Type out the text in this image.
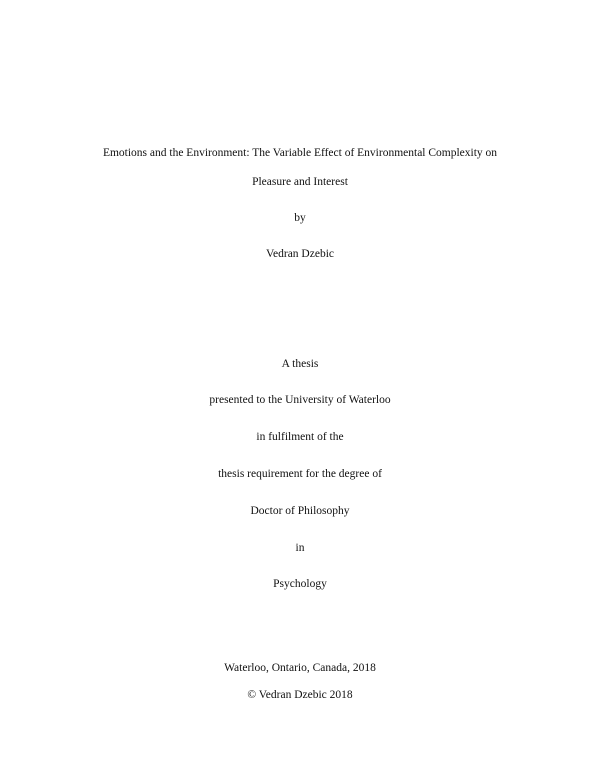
Emotions and the Environment: The Variable Effect of Environmental Complexity on
Pleasure and Interest
by
Vedran Dzebic
A thesis
presented to the University of Waterloo
in fulfilment of the
thesis requirement for the degree of
Doctor of Philosophy
in
Psychology
Waterloo, Ontario, Canada, 2018
© Vedran Dzebic 2018
